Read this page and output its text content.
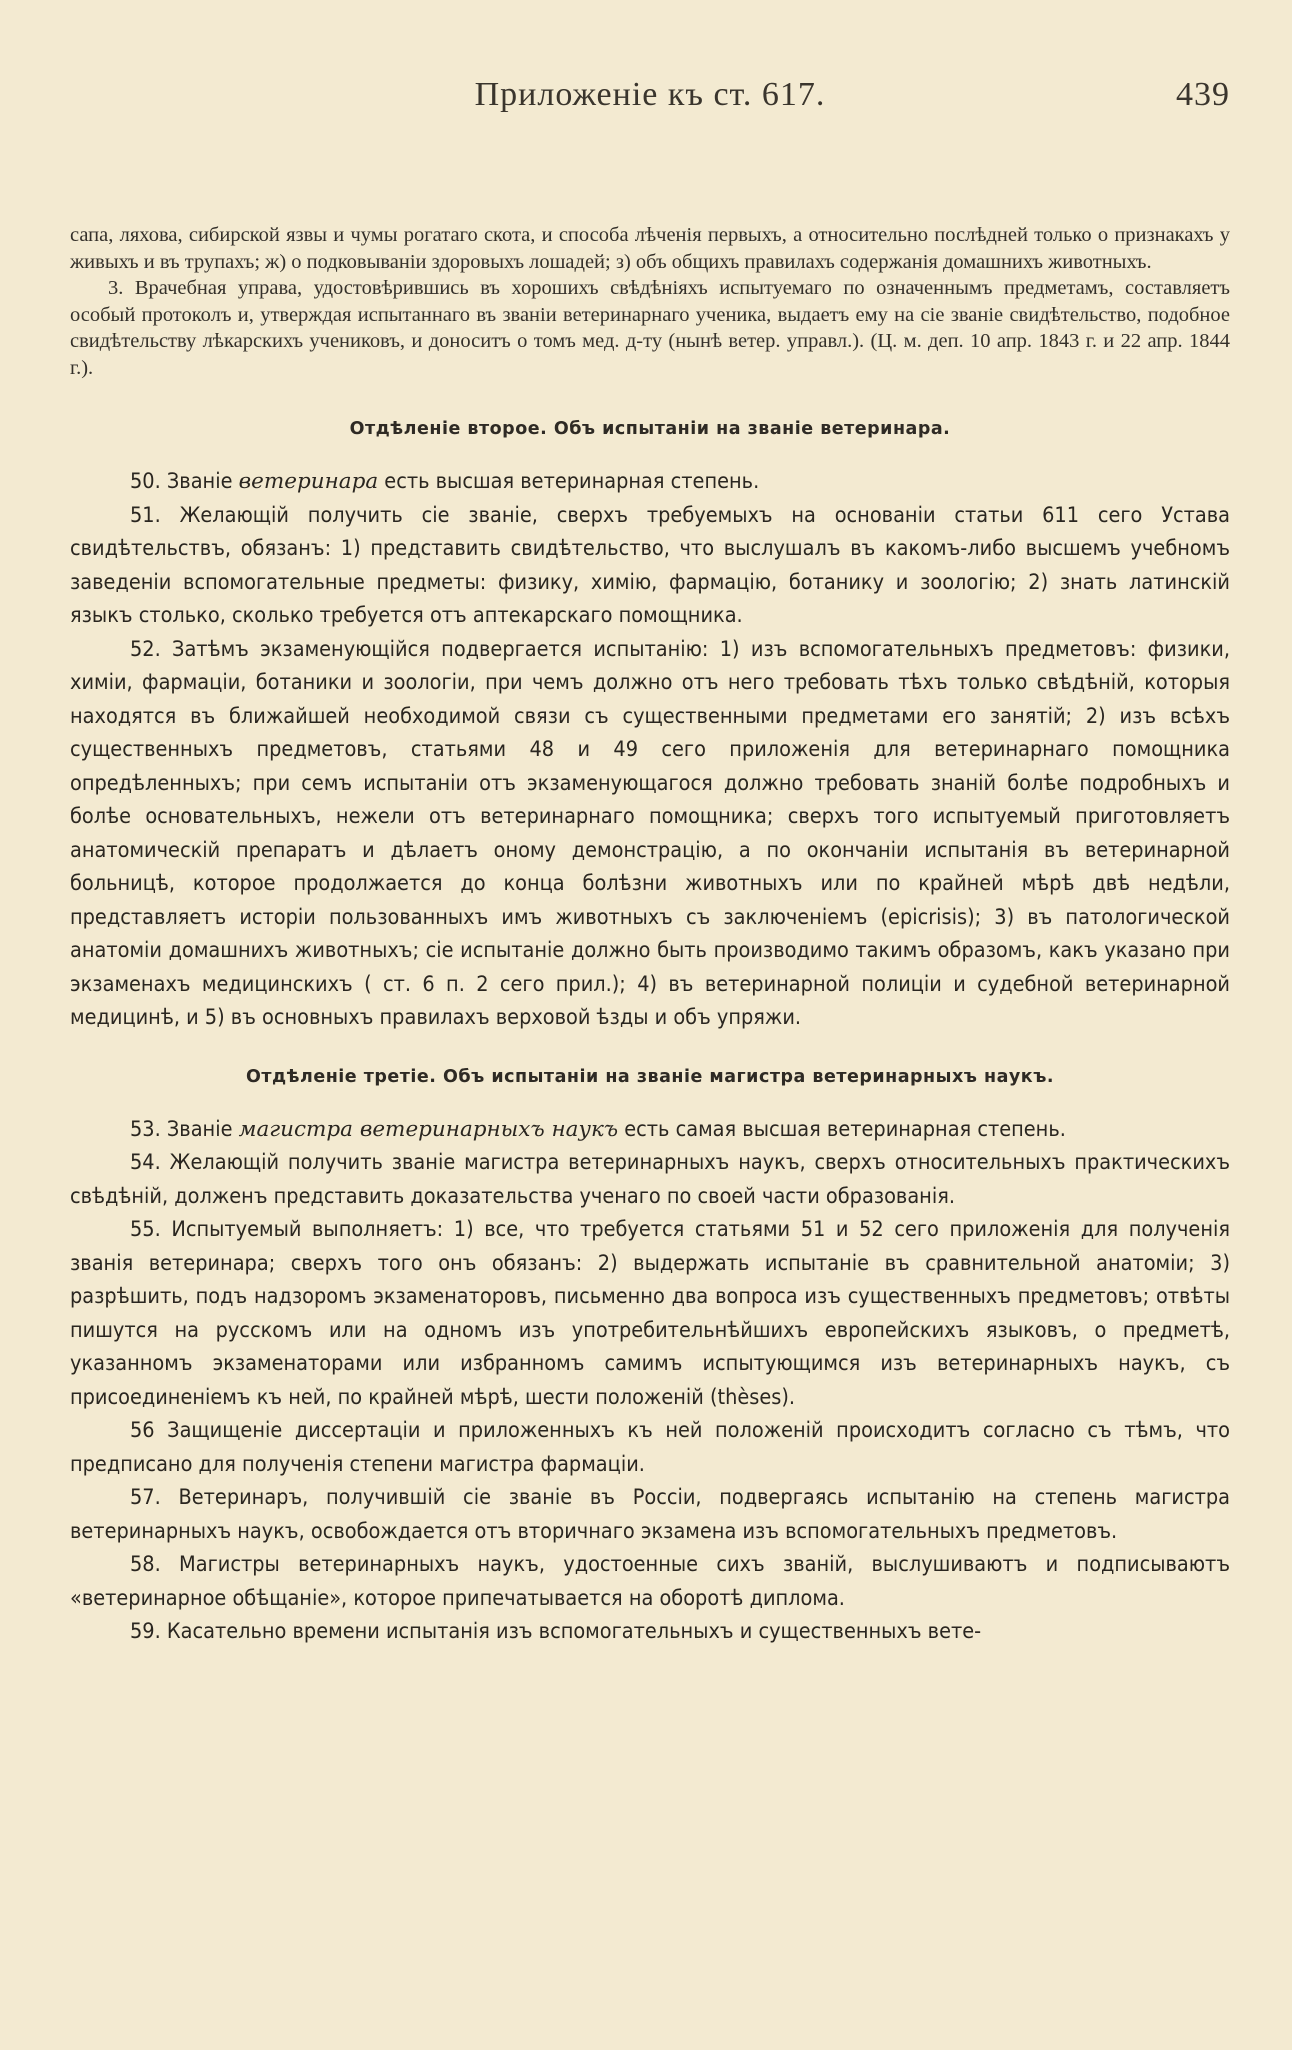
Приложеніе къ ст. 617.	439

сапа, ляхова, сибирской язвы и чумы рогатаго скота, и способа лѣченія первыхъ, а относительно послѣдней только о признакахъ у живыхъ и въ трупахъ; ж) о подковываніи здоровыхъ лошадей; з) объ общихъ правилахъ содержанія домашнихъ животныхъ.

3. Врачебная управа, удостовѣрившись въ хорошихъ свѣдѣніяхъ испытуемаго по означеннымъ предметамъ, составляетъ особый протоколъ и, утверждая испытаннаго въ званіи ветеринарнаго ученика, выдаетъ ему на сіе званіе свидѣтельство, подобное свидѣтельству лѣкарскихъ учениковъ, и доноситъ о томъ мед. д-ту (нынѣ ветер. управл.). (Ц. м. деп. 10 апр. 1843 г. и 22 апр. 1844 г.).

Отдѣленіе второе. Объ испытаніи на званіе ветеринара.

50. Званіе ветеринара есть высшая ветеринарная степень.

51. Желающій получить сіе званіе, сверхъ требуемыхъ на основаніи статьи 611 сего Устава свидѣтельствъ, обязанъ: 1) представить свидѣтельство, что выслушалъ въ какомъ-либо высшемъ учебномъ заведеніи вспомогательные предметы: физику, химію, фармацію, ботанику и зоологію; 2) знать латинскій языкъ столько, сколько требуется отъ аптекарскаго помощника.

52. Затѣмъ экзаменующійся подвергается испытанію: 1) изъ вспомогательныхъ предметовъ: физики, химіи, фармаціи, ботаники и зоологіи, при чемъ должно отъ него требовать тѣхъ только свѣдѣній, которыя находятся въ ближайшей необходимой связи съ существенными предметами его занятій; 2) изъ всѣхъ существенныхъ предметовъ, статьями 48 и 49 сего приложенія для ветеринарнаго помощника опредѣленныхъ; при семъ испытаніи отъ экзаменующагося должно требовать знаній болѣе подробныхъ и болѣе основательныхъ, нежели отъ ветеринарнаго помощника; сверхъ того испытуемый приготовляетъ анатомическій препаратъ и дѣлаетъ оному демонстрацію, а по окончаніи испытанія въ ветеринарной больницѣ, которое продолжается до конца болѣзни животныхъ или по крайней мѣрѣ двѣ недѣли, представляетъ исторіи пользованныхъ имъ животныхъ съ заключеніемъ (epicrisis); 3) въ патологической анатоміи домашнихъ животныхъ; сіе испытаніе должно быть производимо такимъ образомъ, какъ указано при экзаменахъ медицинскихъ ( ст. 6 п. 2 сего прил.); 4) въ ветеринарной полиціи и судебной ветеринарной медицинѣ, и 5) въ основныхъ правилахъ верховой ѣзды и объ упряжи.

Отдѣленіе третіе. Объ испытаніи на званіе магистра ветеринарныхъ наукъ.

53. Званіе магистра ветеринарныхъ наукъ есть самая высшая ветеринарная степень.

54. Желающій получить званіе магистра ветеринарныхъ наукъ, сверхъ относительныхъ практическихъ свѣдѣній, долженъ представить доказательства ученаго по своей части образованія.

55. Испытуемый выполняетъ: 1) все, что требуется статьями 51 и 52 сего приложенія для полученія званія ветеринара; сверхъ того онъ обязанъ: 2) выдержать испытаніе въ сравнительной анатоміи; 3) разрѣшить, подъ надзоромъ экзаменаторовъ, письменно два вопроса изъ существенныхъ предметовъ; отвѣты пишутся на русскомъ или на одномъ изъ употребительнѣйшихъ европейскихъ языковъ, о предметѣ, указанномъ экзаменаторами или избранномъ самимъ испытующимся изъ ветеринарныхъ наукъ, съ присоединеніемъ къ ней, по крайней мѣрѣ, шести положеній (thèses).

56 Защищеніе диссертаціи и приложенныхъ къ ней положеній происходитъ согласно съ тѣмъ, что предписано для полученія степени магистра фармаціи.

57. Ветеринаръ, получившій сіе званіе въ Россіи, подвергаясь испытанію на степень магистра ветеринарныхъ наукъ, освобождается отъ вторичнаго экзамена изъ вспомогательныхъ предметовъ.

58. Магистры ветеринарныхъ наукъ, удостоенные сихъ званій, выслушиваютъ и подписываютъ «ветеринарное обѣщаніе», которое припечатывается на оборотѣ диплома.

59. Касательно времени испытанія изъ вспомогательныхъ и существенныхъ вете-
